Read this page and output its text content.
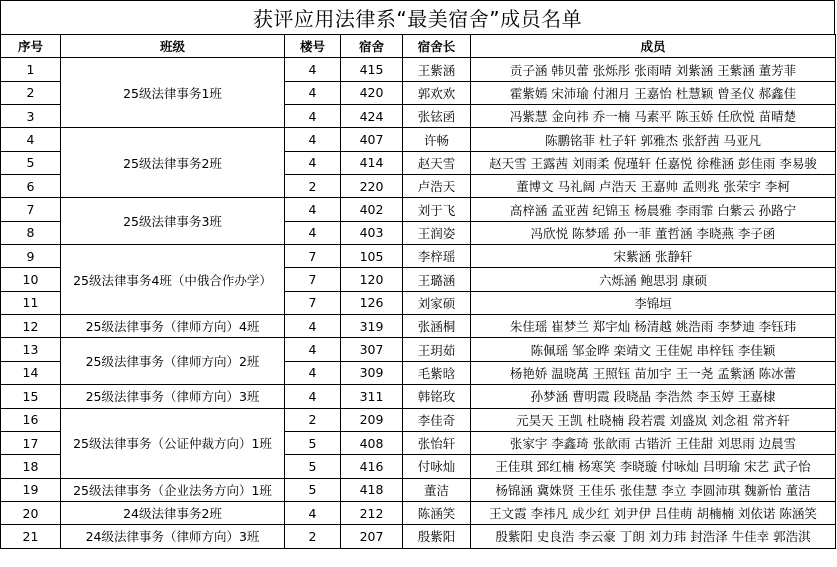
获评应用法律系“最美宿舍”成员名单
序号	班级	楼号	宿舍	宿舍长	成员
1	25级法律事务1班	4	415	王紫涵	贡子涵 韩贝蕾 张烁彤 张雨晴 刘紫涵 王紫涵 董芳菲
2		4	420	郭欢欢	霍紫嫣 宋沛瑜 付湘月 王嘉怡 杜慧颖 曾圣仪 郝鑫佳
3		4	424	张铉函	冯紫慧 金向祎 乔一楠 马素平 陈玉娇 任欣悦 苗晴楚
4	25级法律事务2班	4	407	许畅	陈鹏铭菲 杜子轩 郭雅杰 张舒茜 马亚凡
5		4	414	赵天雪	赵天雪 王露茜 刘雨柔 倪瑾轩 任嘉悦 徐稚涵 彭佳雨 李易骏
6		2	220	卢浩天	董博文 马礼阔 卢浩天 王嘉帅 孟则兆 张荣宇 李柯
7	25级法律事务3班	4	402	刘于飞	高梓涵 孟亚茜 纪锦玉 杨晨雅 李雨霏 白紫云 孙路宁
8		4	403	王润姿	冯欣悦 陈梦瑶 孙一菲 董哲涵 李晓燕 李子函
9	25级法律事务4班（中俄合作办学）	7	105	李梓瑶	宋紫涵 张静轩
10		7	120	王璐涵	六烁涵 鲍思羽 康硕
11		7	126	刘家硕	李锦垣
12	25级法律事务（律师方向）4班	4	319	张涵桐	朱佳瑶 崔梦兰 郑宇灿 杨清越 姚浩雨 李梦迪 李钰玮
13	25级法律事务（律师方向）2班	4	307	王玥茹	陈佩瑶 邹金晔 栾靖文 王佳妮 串梓钰 李佳颖
14		4	309	毛紫晗	杨艳娇 温晓萬 王照钰 苗加宇 王一尧 孟紫涵 陈冰蕾
15	25级法律事务（律师方向）3班	4	311	韩铭玫	孙梦涵 曹明霞 段晓晶 李浩然 李玉婷 王嘉棣
16	25级法律事务（公证仲裁方向）1班	2	209	李佳奇	元昊天 王凯 杜晓楠 段若震 刘盛岚 刘念祖 常齐轩
17		5	408	张怡轩	张家宇 李鑫琦 张歆雨 古锴沂 王佳甜 刘思雨 边晨雪
18		5	416	付咏灿	王佳琪 郅红楠 杨寒笑 李晓璇 付咏灿 吕明瑜 宋艺 武子怡
19	25级法律事务（企业法务方向）1班	5	418	董洁	杨锦涵 冀姝贤 王佳乐 张佳慧 李立 李圆沛琪 魏新怡 董洁
20	24级法律事务2班	4	212	陈涵笑	王文霞 李祎凡 成少红 刘尹伊 吕佳萌 胡楠楠 刘依诺 陈涵笑
21	24级法律事务（律师方向）3班	2	207	殷紫阳	殷紫阳 史良浩 李云豪 丁朗 刘力玮 封浩泽 牛佳幸 郭浩淇
